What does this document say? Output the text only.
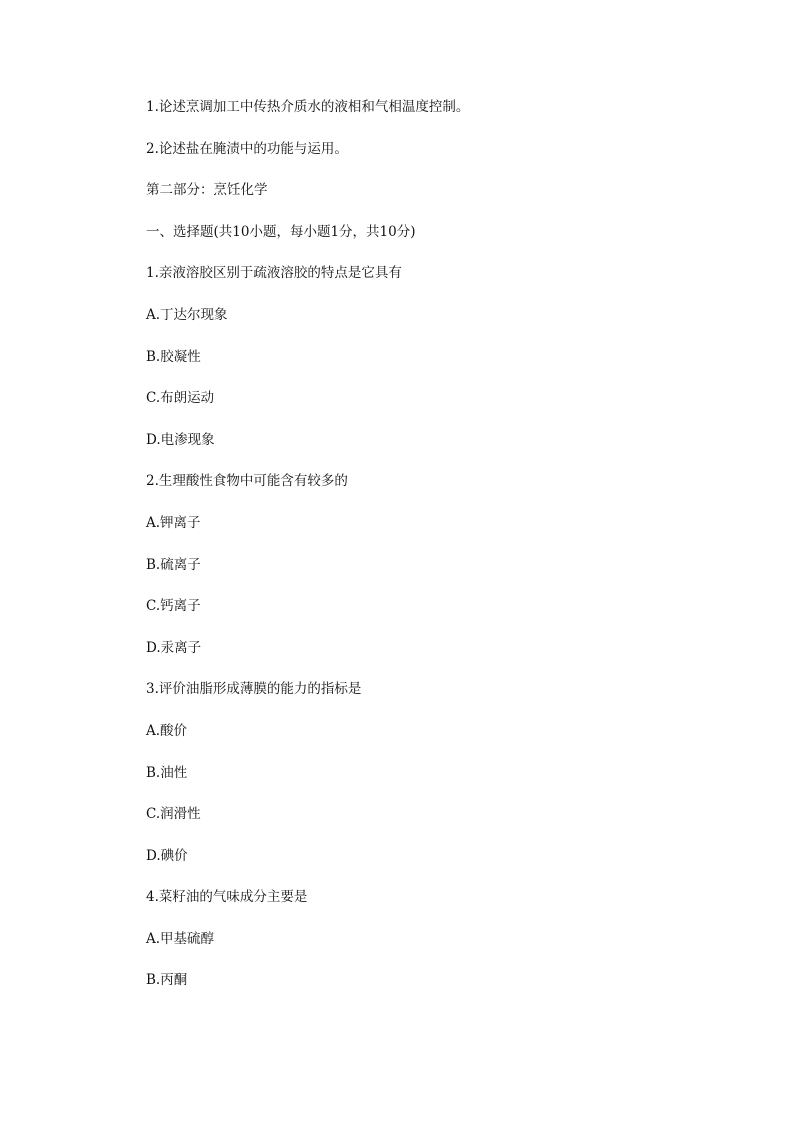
1.论述烹调加工中传热介质水的液相和气相温度控制。
2.论述盐在腌渍中的功能与运用。
第二部分：烹饪化学
一、选择题(共10小题，每小题1分，共10分)
1.亲液溶胶区别于疏液溶胶的特点是它具有
A.丁达尔现象
B.胶凝性
C.布朗运动
D.电渗现象
2.生理酸性食物中可能含有较多的
A.钾离子
B.硫离子
C.钙离子
D.汞离子
3.评价油脂形成薄膜的能力的指标是
A.酸价
B.油性
C.润滑性
D.碘价
4.菜籽油的气味成分主要是
A.甲基硫醇
B.丙酮
